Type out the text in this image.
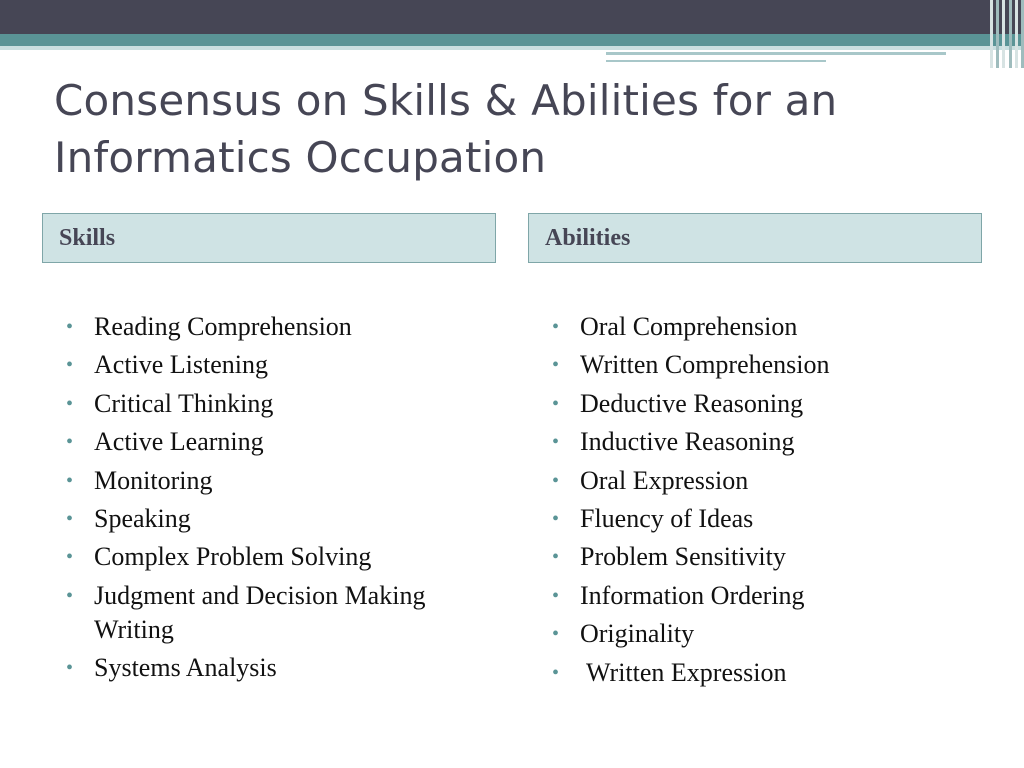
Consensus on Skills & Abilities for an Informatics Occupation
Skills	Abilities
• Reading Comprehension
• Active Listening
• Critical Thinking
• Active Learning
• Monitoring
• Speaking
• Complex Problem Solving
• Judgment and Decision Making Writing
• Systems Analysis
• Oral Comprehension
• Written Comprehension
• Deductive Reasoning
• Inductive Reasoning
• Oral Expression
• Fluency of Ideas
• Problem Sensitivity
• Information Ordering
• Originality
• Written Expression
